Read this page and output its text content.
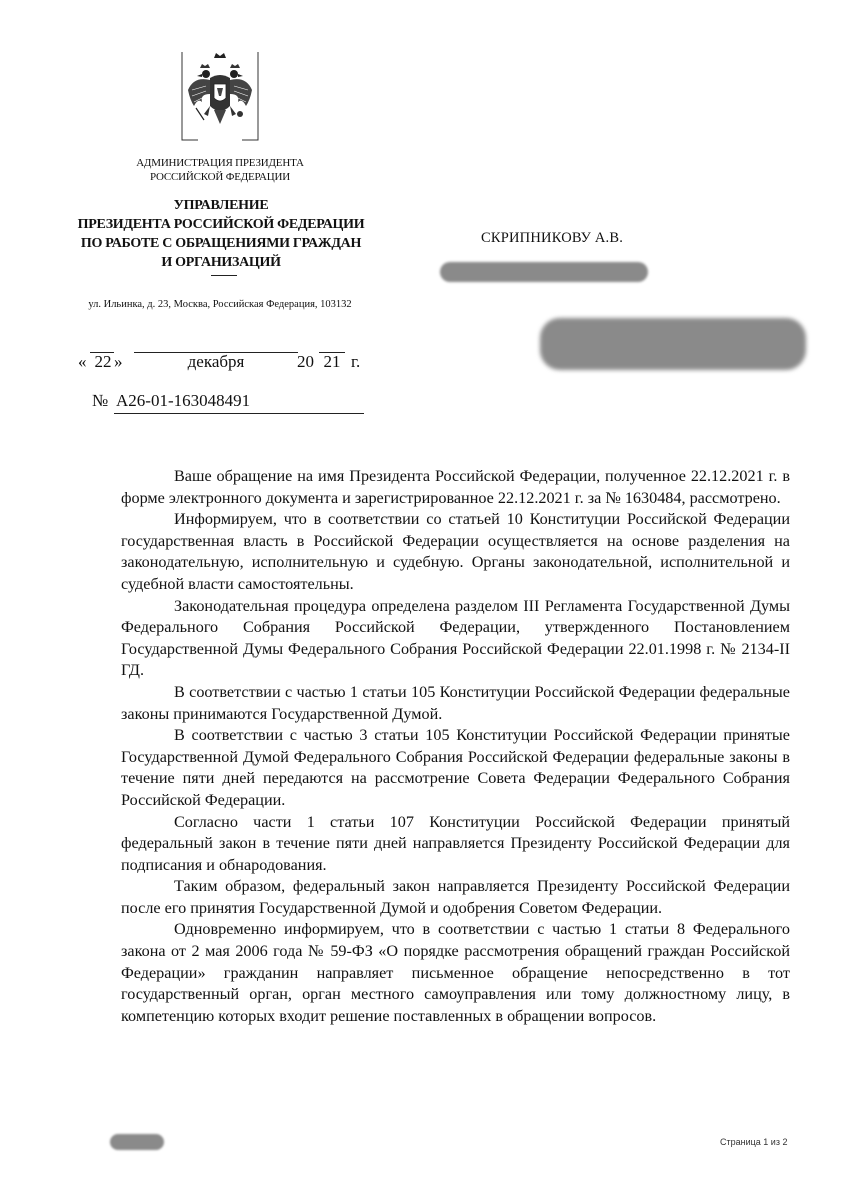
АДМИНИСТРАЦИЯ ПРЕЗИДЕНТА
РОССИЙСКОЙ ФЕДЕРАЦИИ
УПРАВЛЕНИЕ
ПРЕЗИДЕНТА РОССИЙСКОЙ ФЕДЕРАЦИИ
ПО РАБОТЕ С ОБРАЩЕНИЯМИ ГРАЖДАН
И ОРГАНИЗАЦИЙ
ул. Ильинка, д. 23, Москва, Российская Федерация, 103132
« 22 »	декабря	20 21 г.
№ А26-01-163048491
СКРИПНИКОВУ А.В.

Ваше обращение на имя Президента Российской Федерации, полученное 22.12.2021 г. в форме электронного документа и зарегистрированное 22.12.2021 г. за № 1630484, рассмотрено.

Информируем, что в соответствии со статьей 10 Конституции Российской Федерации государственная власть в Российской Федерации осуществляется на основе разделения на законодательную, исполнительную и судебную. Органы законодательной, исполнительной и судебной власти самостоятельны.

Законодательная процедура определена разделом III Регламента Государственной Думы Федерального Собрания Российской Федерации, утвержденного Постановлением Государственной Думы Федерального Собрания Российской Федерации 22.01.1998 г. № 2134-II ГД.

В соответствии с частью 1 статьи 105 Конституции Российской Федерации федеральные законы принимаются Государственной Думой.

В соответствии с частью 3 статьи 105 Конституции Российской Федерации принятые Государственной Думой Федерального Собрания Российской Федерации федеральные законы в течение пяти дней передаются на рассмотрение Совета Федерации Федерального Собрания Российской Федерации.

Согласно части 1 статьи 107 Конституции Российской Федерации принятый федеральный закон в течение пяти дней направляется Президенту Российской Федерации для подписания и обнародования.

Таким образом, федеральный закон направляется Президенту Российской Федерации после его принятия Государственной Думой и одобрения Советом Федерации.

Одновременно информируем, что в соответствии с частью 1 статьи 8 Федерального закона от 2 мая 2006 года № 59-ФЗ «О порядке рассмотрения обращений граждан Российской Федерации» гражданин направляет письменное обращение непосредственно в тот государственный орган, орган местного самоуправления или тому должностному лицу, в компетенцию которых входит решение поставленных в обращении вопросов.

Страница 1 из 2
